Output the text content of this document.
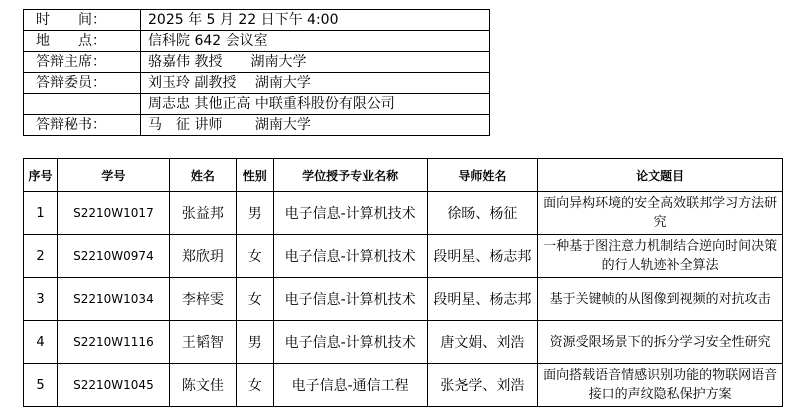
时　　间：	2025 年 5 月 22 日下午 4:00
地　　点：	信科院 642 会议室
答辩主席：	骆嘉伟 教授　　湖南大学
答辩委员：	刘玉玲 副教授　 湖南大学
	周志忠 其他正高 中联重科股份有限公司
答辩秘书：	马　征 讲师　　 湖南大学
序号	学号	姓名	性别	学位授予专业名称	导师姓名	论文题目
1	S2210W1017	张益邦	男	电子信息-计算机技术	徐旸、杨征	面向异构环境的安全高效联邦学习方法研究
2	S2210W0974	郑欣玥	女	电子信息-计算机技术	段明星、杨志邦	一种基于图注意力机制结合逆向时间决策的行人轨迹补全算法
3	S2210W1034	李梓雯	女	电子信息-计算机技术	段明星、杨志邦	基于关键帧的从图像到视频的对抗攻击
4	S2210W1116	王韬智	男	电子信息-计算机技术	唐文娟、刘浩	资源受限场景下的拆分学习安全性研究
5	S2210W1045	陈文佳	女	电子信息-通信工程	张尧学、刘浩	面向搭载语音情感识别功能的物联网语音接口的声纹隐私保护方案
